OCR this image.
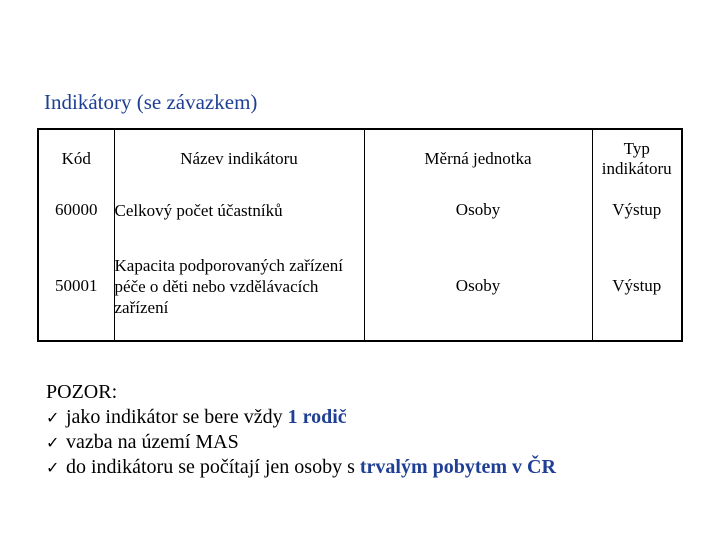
Indikátory (se závazkem)
Kód	Název indikátoru	Měrná jednotka	Typ indikátoru
60000	Celkový počet účastníků	Osoby	Výstup
50001	Kapacita podporovaných zařízení péče o děti nebo vzdělávacích zařízení	Osoby	Výstup
POZOR:
✓ jako indikátor se bere vždy 1 rodič
✓ vazba na území MAS
✓ do indikátoru se počítají jen osoby s trvalým pobytem v ČR
